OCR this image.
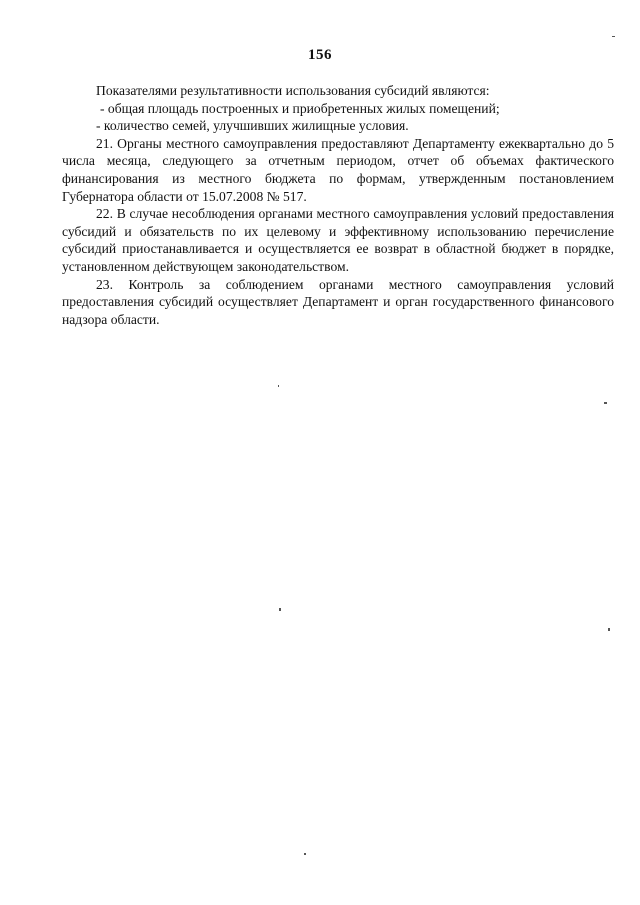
156

Показателями результативности использования субсидий являются:

- общая площадь построенных и приобретенных жилых помещений;

- количество семей, улучшивших жилищные условия.

21. Органы местного самоуправления предоставляют Департаменту ежеквартально до 5 числа месяца, следующего за отчетным периодом, отчет об объемах фактического финансирования из местного бюджета по формам, утвержденным постановлением Губернатора области от 15.07.2008 № 517.

22. В случае несоблюдения органами местного самоуправления условий предоставления субсидий и обязательств по их целевому и эффективному использованию перечисление субсидий приостанавливается и осуществляется ее возврат в областной бюджет в порядке, установленном действующем законодательством.

23. Контроль за соблюдением органами местного самоуправления условий предоставления субсидий осуществляет Департамент и орган государственного финансового надзора области.
